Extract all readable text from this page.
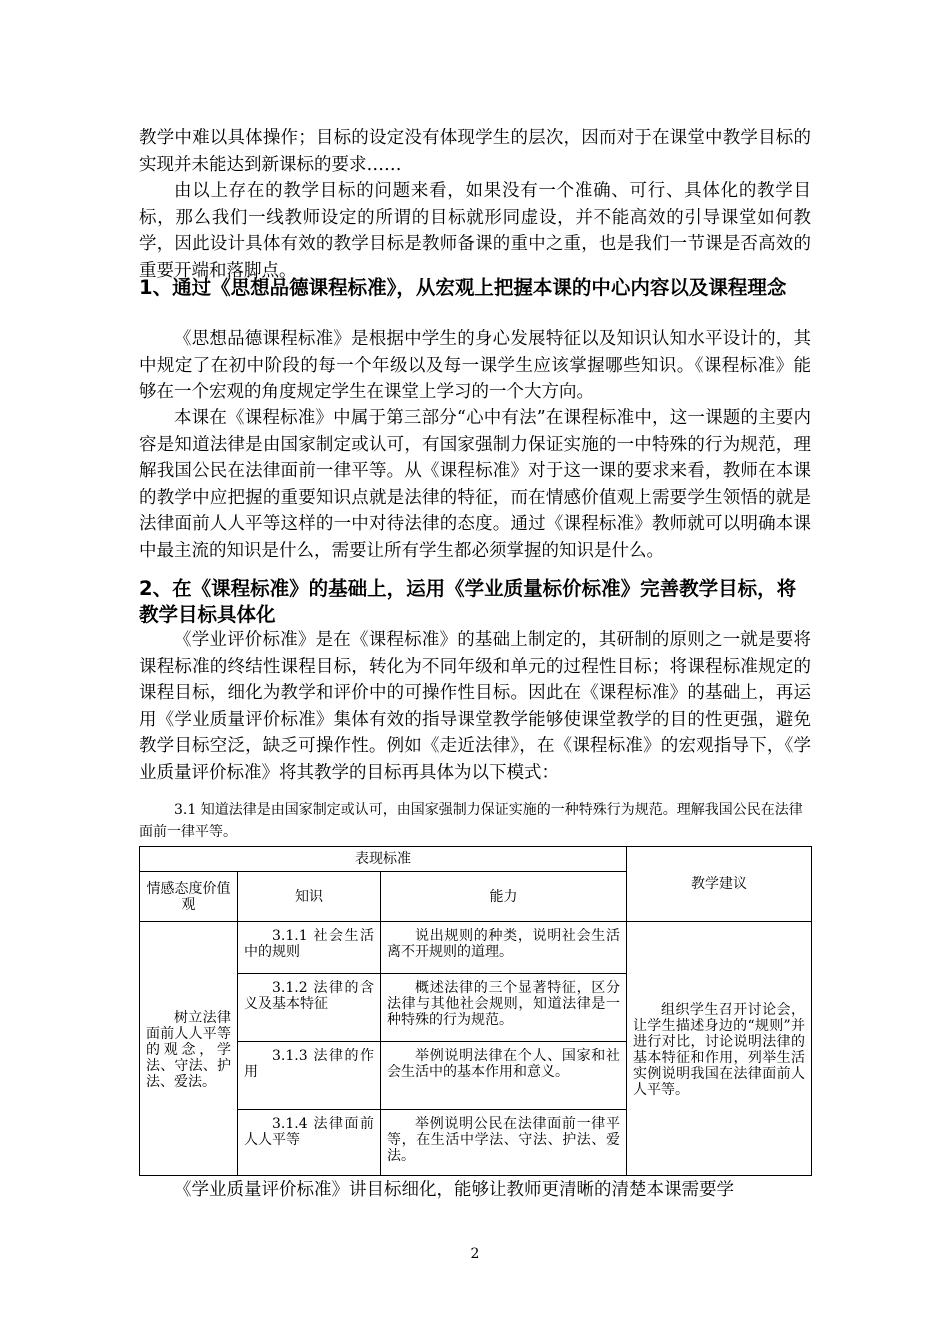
教学中难以具体操作；目标的设定没有体现学生的层次，因而对于在课堂中教学目标的实现并未能达到新课标的要求……

由以上存在的教学目标的问题来看，如果没有一个准确、可行、具体化的教学目标，那么我们一线教师设定的所谓的目标就形同虚设，并不能高效的引导课堂如何教学，因此设计具体有效的教学目标是教师备课的重中之重，也是我们一节课是否高效的重要开端和落脚点。

1、通过《思想品德课程标准》，从宏观上把握本课的中心内容以及课程理念

《思想品德课程标准》是根据中学生的身心发展特征以及知识认知水平设计的，其中规定了在初中阶段的每一个年级以及每一课学生应该掌握哪些知识。《课程标准》能够在一个宏观的角度规定学生在课堂上学习的一个大方向。

本课在《课程标准》中属于第三部分“心中有法”在课程标准中，这一课题的主要内容是知道法律是由国家制定或认可，有国家强制力保证实施的一中特殊的行为规范，理解我国公民在法律面前一律平等。从《课程标准》对于这一课的要求来看，教师在本课的教学中应把握的重要知识点就是法律的特征，而在情感价值观上需要学生领悟的就是法律面前人人平等这样的一中对待法律的态度。通过《课程标准》教师就可以明确本课中最主流的知识是什么，需要让所有学生都必须掌握的知识是什么。

2、在《课程标准》的基础上，运用《学业质量标价标准》完善教学目标，将教学目标具体化

《学业评价标准》是在《课程标准》的基础上制定的，其研制的原则之一就是要将课程标准的终结性课程目标，转化为不同年级和单元的过程性目标；将课程标准规定的课程目标，细化为教学和评价中的可操作性目标。因此在《课程标准》的基础上，再运用《学业质量评价标准》集体有效的指导课堂教学能够使课堂教学的目的性更强，避免教学目标空泛，缺乏可操作性。例如《走近法律》，在《课程标准》的宏观指导下，《学业质量评价标准》将其教学的目标再具体为以下模式：

3.1 知道法律是由国家制定或认可，由国家强制力保证实施的一种特殊行为规范。理解我国公民在法律面前一律平等。

表现标准			教学建议
情感态度价值观	知识	能力	
树立法律面前人人平等的观念，学法、守法、护法、爱法。	3.1.1 社会生活中的规则	说出规则的种类，说明社会生活离不开规则的道理。	组织学生召开讨论会，让学生描述身边的“规则”并进行对比，讨论说明法律的基本特征和作用，列举生活实例说明我国在法律面前人人平等。
	3.1.2 法律的含义及基本特征	概述法律的三个显著特征，区分法律与其他社会规则，知道法律是一种特殊的行为规范。	
	3.1.3 法律的作用	举例说明法律在个人、国家和社会生活中的基本作用和意义。	
	3.1.4 法律面前人人平等	举例说明公民在法律面前一律平等，在生活中学法、守法、护法、爱法。	

《学业质量评价标准》讲目标细化，能够让教师更清晰的清楚本课需要学

2
